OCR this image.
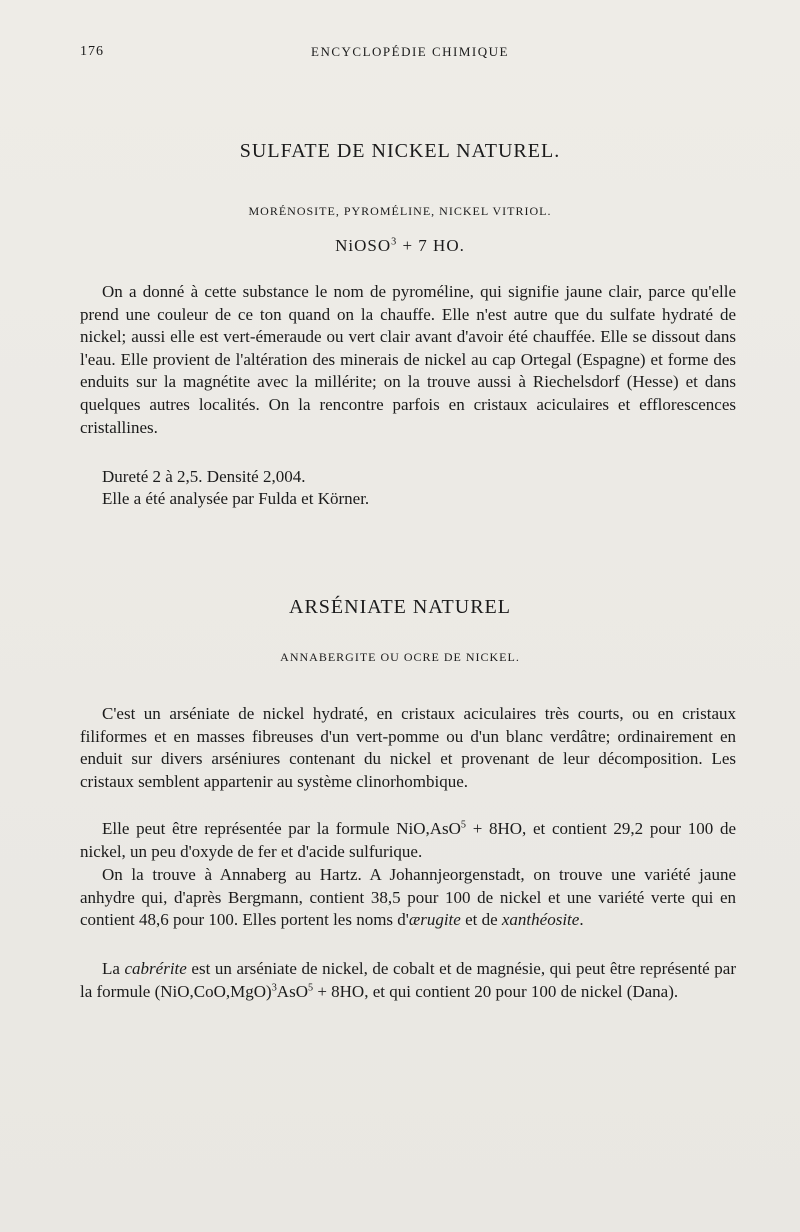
176	ENCYCLOPÉDIE CHIMIQUE
SULFATE DE NICKEL NATUREL.
MORÉNOSITE, PYROMÉLINE, NICKEL VITRIOL.
NiOSO$^3$ + 7 HO.

On a donné à cette substance le nom de pyroméline, qui signifie jaune clair, parce qu'elle prend une couleur de ce ton quand on la chauffe. Elle n'est autre que du sulfate hydraté de nickel; aussi elle est vert-émeraude ou vert clair avant d'avoir été chauffée. Elle se dissout dans l'eau. Elle provient de l'altération des minerais de nickel au cap Ortegal (Espagne) et forme des enduits sur la magnétite avec la millérite; on la trouve aussi à Riechelsdorf (Hesse) et dans quelques autres localités. On la rencontre parfois en cristaux aciculaires et efflorescences cristallines.

Dureté 2 à 2,5. Densité 2,004.

Elle a été analysée par Fulda et Körner.

ARSÉNIATE NATUREL
ANNABERGITE OU OCRE DE NICKEL.

C'est un arséniate de nickel hydraté, en cristaux aciculaires très courts, ou en cristaux filiformes et en masses fibreuses d'un vert-pomme ou d'un blanc verdâtre; ordinairement en enduit sur divers arséniures contenant du nickel et provenant de leur décomposition. Les cristaux semblent appartenir au système clinorhombique.

Elle peut être représentée par la formule NiO,AsO$^5$ + 8HO, et contient 29,2 pour 100 de nickel, un peu d'oxyde de fer et d'acide sulfurique.

On la trouve à Annaberg au Hartz. A Johannjeorgenstadt, on trouve une variété jaune anhydre qui, d'après Bergmann, contient 38,5 pour 100 de nickel et une variété verte qui en contient 48,6 pour 100. Elles portent les noms d'ærugite et de xanthéosite.

La cabrérite est un arséniate de nickel, de cobalt et de magnésie, qui peut être représenté par la formule $(NiO,CoO,MgO)^3AsO^5 + 8HO$, et qui contient 20 pour 100 de nickel (Dana).
